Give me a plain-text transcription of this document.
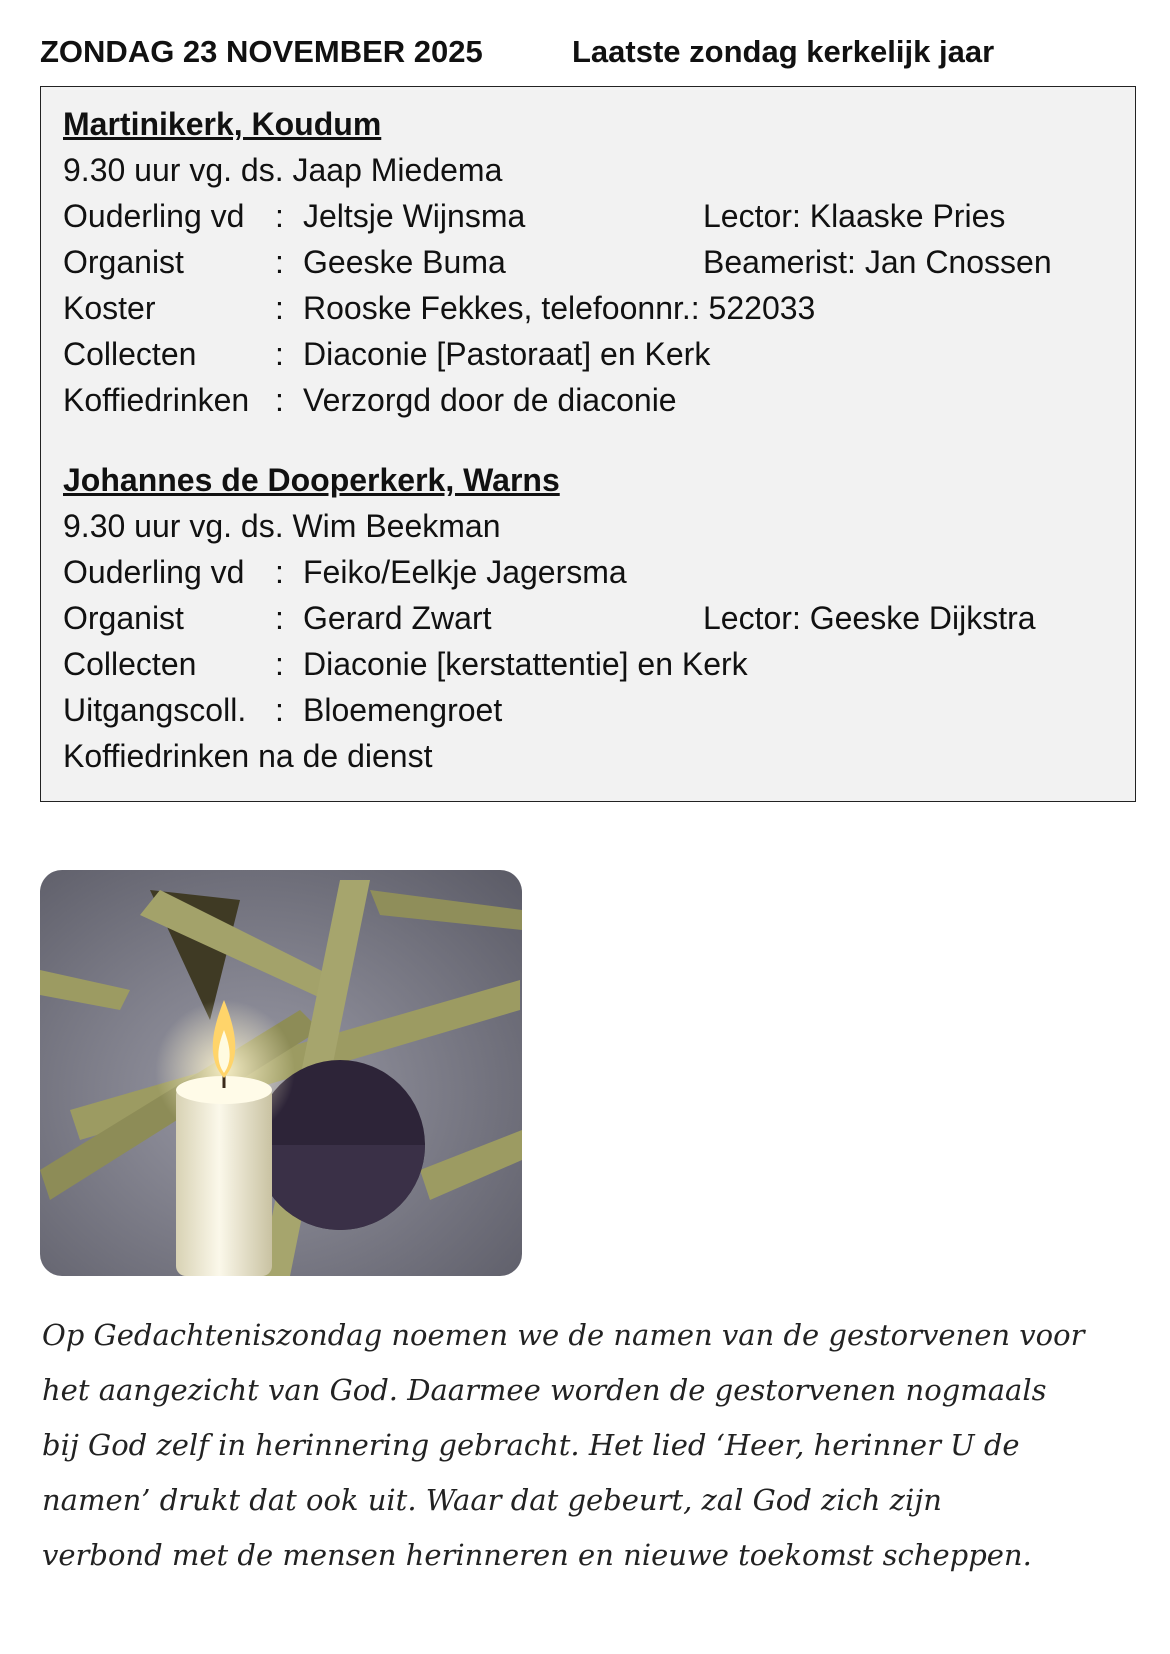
ZONDAG 23 NOVEMBER 2025	Laatste zondag kerkelijk jaar
Martinikerk, Koudum
9.30 uur vg. ds. Jaap Miedema
Ouderling vd : Jeltsje Wijnsma	Lector: Klaaske Pries
Organist	: Geeske Buma	Beamerist: Jan Cnossen
Koster	: Rooske Fekkes, telefoonnr.: 522033
Collecten : Diaconie [Pastoraat] en Kerk
Koffiedrinken : Verzorgd door de diaconie
Johannes de Dooperkerk, Warns
9.30 uur vg. ds. Wim Beekman
Ouderling vd : Feiko/Eelkje Jagersma
Organist	: Gerard Zwart	Lector: Geeske Dijkstra
Collecten : Diaconie [kerstattentie] en Kerk
Uitgangscoll. : Bloemengroet
Koffiedrinken na de dienst
Op Gedachteniszondag noemen we de namen van de gestorvenen voor
het aangezicht van God. Daarmee worden de gestorvenen nogmaals
bij God zelf in herinnering gebracht. Het lied ‘Heer, herinner U de
namen’ drukt dat ook uit. Waar dat gebeurt, zal God zich zijn
verbond met de mensen herinneren en nieuwe toekomst scheppen.
